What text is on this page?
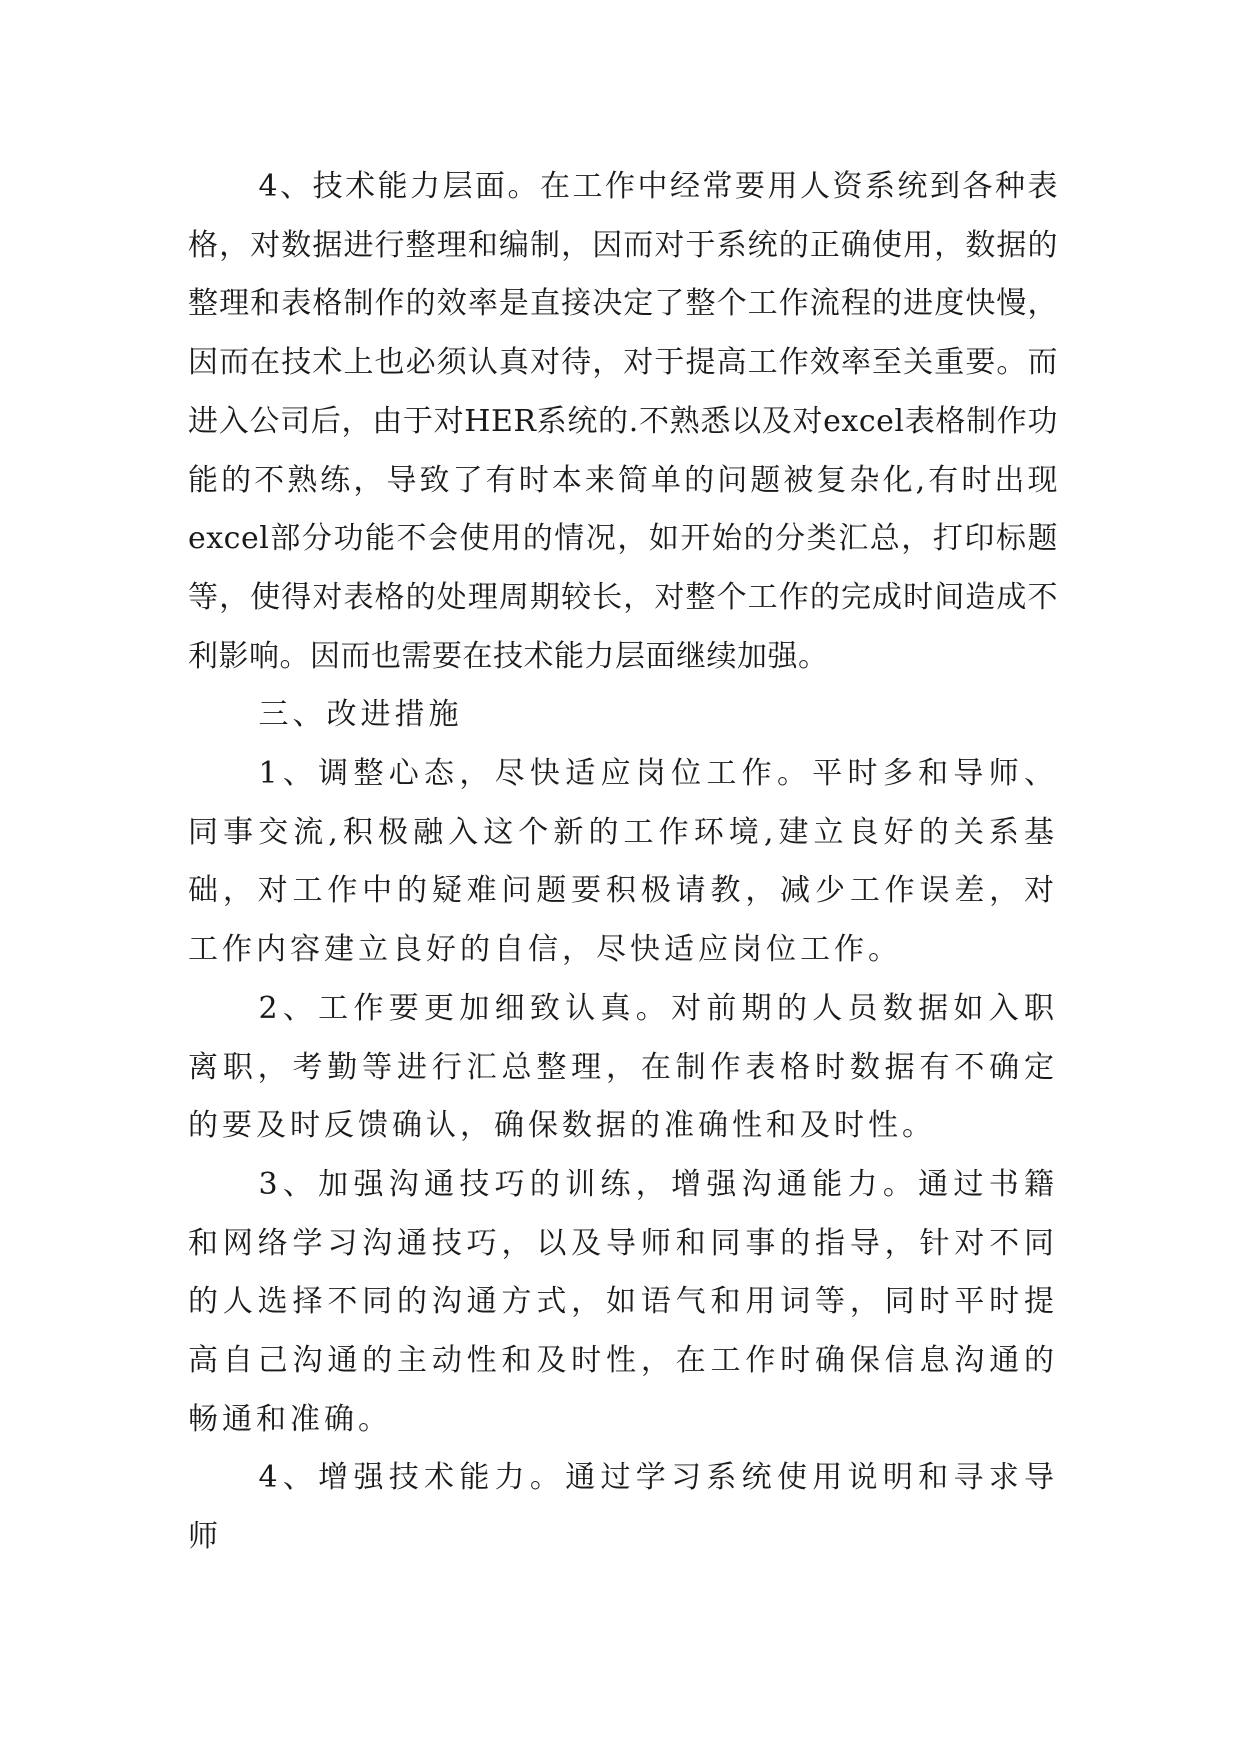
4、技术能力层面。在工作中经常要用人资系统到各种表格，对数据进行整理和编制，因而对于系统的正确使用，数据的整理和表格制作的效率是直接决定了整个工作流程的进度快慢，因而在技术上也必须认真对待，对于提高工作效率至关重要。而进入公司后，由于对HER系统的.不熟悉以及对excel表格制作功能的不熟练，导致了有时本来简单的问题被复杂化,有时出现excel部分功能不会使用的情况，如开始的分类汇总，打印标题等，使得对表格的处理周期较长，对整个工作的完成时间造成不利影响。因而也需要在技术能力层面继续加强。

三、改进措施

1、调整心态，尽快适应岗位工作。平时多和导师、同事交流,积极融入这个新的工作环境,建立良好的关系基础，对工作中的疑难问题要积极请教，减少工作误差，对工作内容建立良好的自信，尽快适应岗位工作。

2、工作要更加细致认真。对前期的人员数据如入职离职，考勤等进行汇总整理，在制作表格时数据有不确定的要及时反馈确认，确保数据的准确性和及时性。

3、加强沟通技巧的训练，增强沟通能力。通过书籍和网络学习沟通技巧，以及导师和同事的指导，针对不同的人选择不同的沟通方式，如语气和用词等，同时平时提高自己沟通的主动性和及时性，在工作时确保信息沟通的畅通和准确。

4、增强技术能力。通过学习系统使用说明和寻求导师
